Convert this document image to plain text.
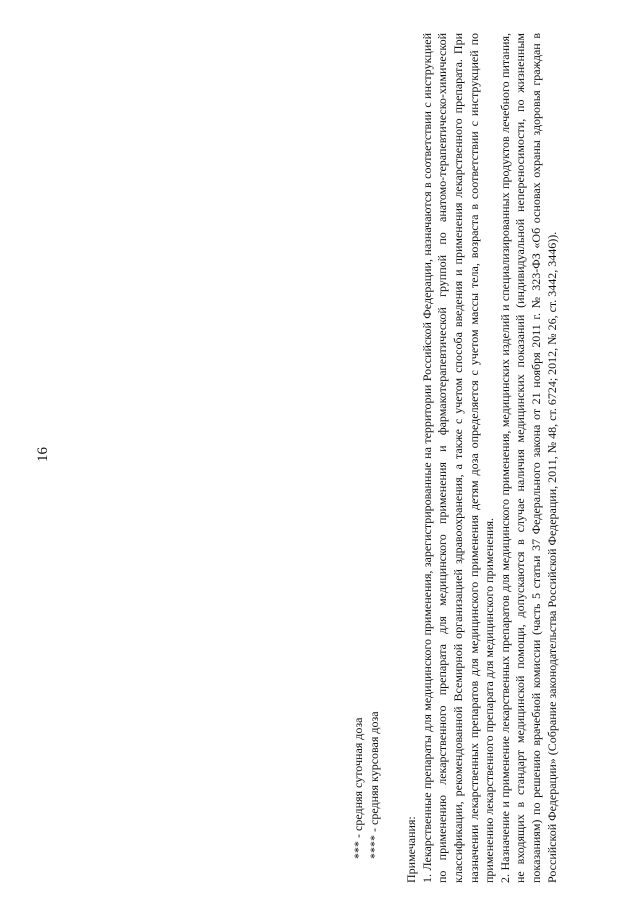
16
*** - средняя суточная доза **** - средняя курсовая доза Примечания: 1. Лекарственные препараты для медицинского применения, зарегистрированные на территории Российской Федерации, назначаются в соответствии с инструкцией по применению лекарственного препарата для медицинского применения и фармакотерапевтической группой по анатомо-терапевтическо-химической классификации, рекомендованной Всемирной организацией здравоохранения, а также с учетом способа введения и применения лекарственного препарата. При назначении лекарственных препаратов для медицинского применения детям доза определяется с учетом массы тела, возраста в соответствии с инструкцией по применению лекарственного препарата для медицинского применения. 2. Назначение и применение лекарственных препаратов для медицинского применения, медицинских изделий и специализированных продуктов лечебного питания, не входящих в стандарт медицинской помощи, допускаются в случае наличия медицинских показаний (индивидуальной непереносимости, по жизненным показаниям) по решению врачебной комиссии (часть 5 статьи 37 Федерального закона от 21 ноября 2011 г. № 323-ФЗ «Об основах охраны здоровья граждан в Российской Федерации» (Собрание законодательства Российской Федерации, 2011, № 48, ст. 6724; 2012, № 26, ст. 3442, 3446)).
